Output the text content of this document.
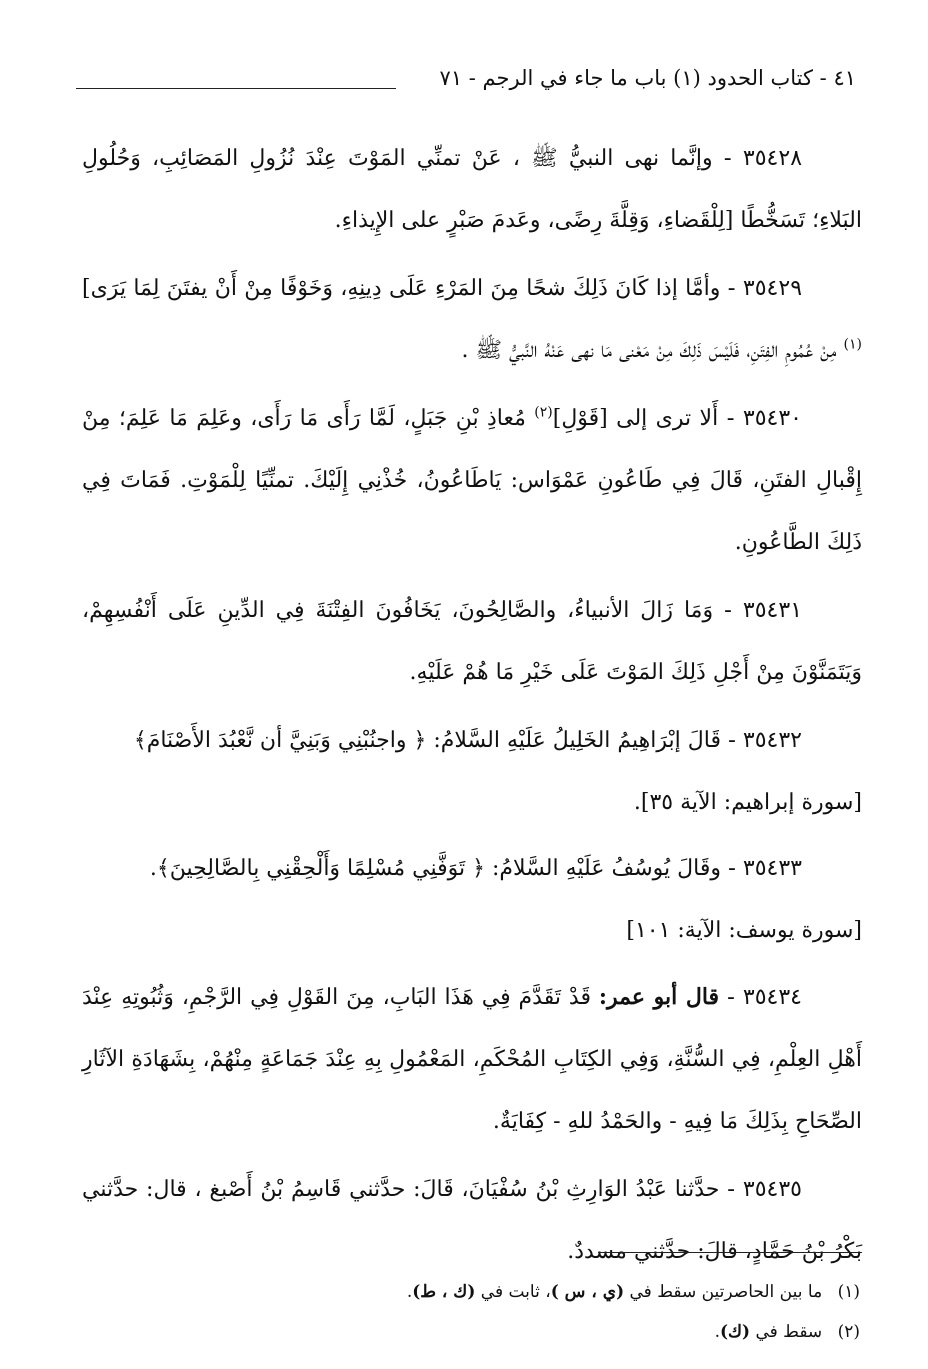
٤١ - كتاب الحدود (١) باب ما جاء في الرجم - ٧١

٣٥٤٢٨ - وإنَّما نهى النبيُّ ﷺ ، عَنْ تمنِّي المَوْتَ عِنْدَ نُزُولِ المَصَائِبِ، وَحُلُولِ البَلاءِ؛ تَسَخُّطًا [لِلْقَضاءِ، وَقِلَّةَ رِضًى، وعَدمَ صَبْرٍ على الإِيذاءِ.

٣٥٤٢٩ - وأمَّا إذا كَانَ ذَلِكَ شحًا مِنَ المَرْءِ عَلَى دِينِهِ، وَخَوْفًا مِنْ أَنْ يفتَنَ لِمَا يَرَى]$^{(١)}$ مِنْ عُمُومِ الفِتَنِ، فَلَيْسَ ذَلِكَ مِنْ مَعْنى مَا نهى عَنْهُ النَّبيُّ ﷺ .

٣٥٤٣٠ - أَلا ترى إلى [قَوْلِ]$^{(٢)}$ مُعاذِ بْنِ جَبَلٍ، لَمَّا رَأَى مَا رَأَى، وعَلِمَ مَا عَلِمَ؛ مِنْ إِقْبالِ الفتَنِ، قَالَ فِي طَاعُونِ عَمْوَاس: يَاطَاعُونُ، خُذْنِي إِلَيْكَ. تمنِّيًا لِلْمَوْتِ. فَمَاتَ فِي ذَلِكَ الطَّاعُونِ.

٣٥٤٣١ - وَمَا زَالَ الأنبياءُ، والصَّالِحُونَ، يَخَافُونَ الفِتْنَةَ فِي الدِّينِ عَلَى أَنْفُسِهِمْ، وَيَتَمَنَّوْنَ مِنْ أَجْلِ ذَلِكَ المَوْتَ عَلَى خَيْرِ مَا هُمْ عَلَيْهِ.

٣٥٤٣٢ - قَالَ إبْرَاهِيمُ الخَلِيلُ عَلَيْهِ السَّلامُ: ﴿ واجنُبْنِي وَبَنِيَّ أن نَّعْبُدَ الأَصْنَامَ﴾

[سورة إبراهيم: الآية ٣٥].

٣٥٤٣٣ - وقَالَ يُوسُفُ عَلَيْهِ السَّلامُ: ﴿ تَوَفَّنِي مُسْلِمًا وَأَلْحِقْنِي بِالصَّالِحِينَ﴾.

[سورة يوسف: الآية: ١٠١]

٣٥٤٣٤ - قال أبو عمر: قَدْ تَقَدَّمَ فِي هَذَا البَابِ، مِنَ القَوْلِ فِي الرَّجْمِ، وَثُبُوتِهِ عِنْدَ أَهْلِ العِلْمِ، فِي السُّنَّةِ، وَفِي الكِتَابِ المُحْكَمِ، المَعْمُولِ بِهِ عِنْدَ جَمَاعَةٍ مِنْهُمْ، بِشَهَادَةِ الآثَارِ الصِّحَاحِ بِذَلِكَ مَا فِيهِ - والحَمْدُ للهِ - كِفَايَةٌ.

٣٥٤٣٥ - حدَّثنا عَبْدُ الوَارِثِ بْنُ سُفْيَانَ، قَالَ: حدَّثني قَاسِمُ بْنُ أَصْبغ ، قال: حدَّثني بَكْرُ بْنُ حَمَّادٍ، قالَ: حدَّثني مسددٌ.

(١) ما بين الحاصرتين سقط في (ي ، س )، ثابت في (ك ، ط).

(٢) سقط في (ك).
